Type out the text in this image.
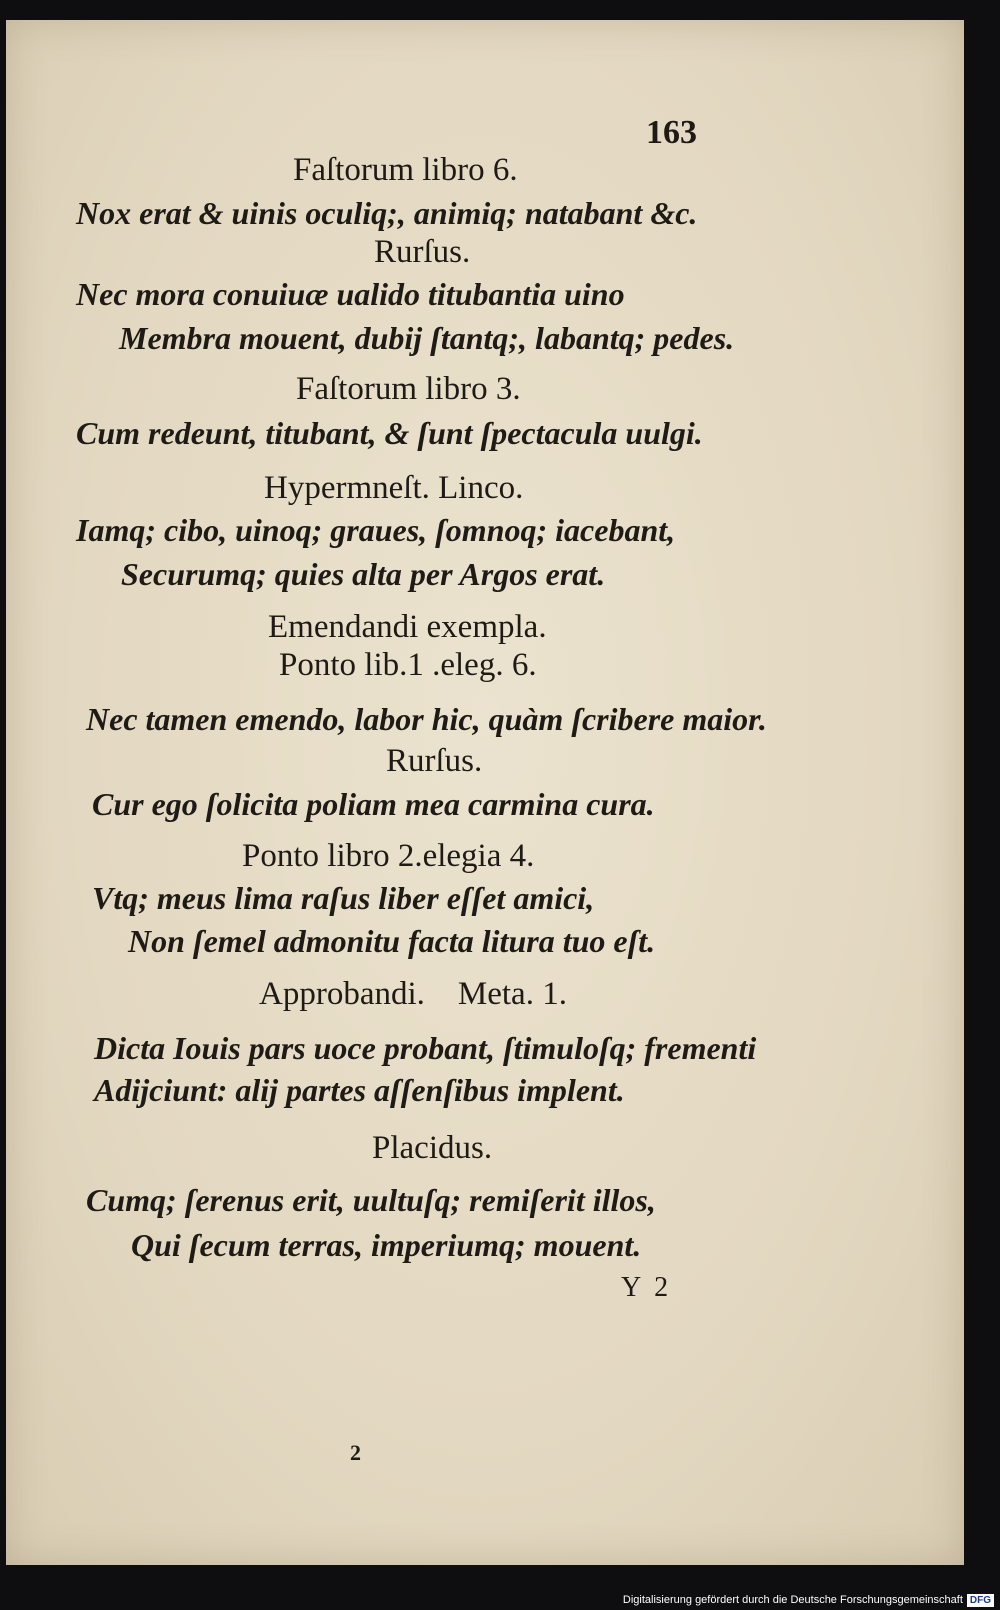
163
Faſtorum libro 6.
Nox erat & uinis oculiq;, animiq; natabant &c.
Rurſus.
Nec mora conuiuæ ualido titubantia uino
Membra mouent, dubij ſtantq;, labantq; pedes.
Faſtorum libro 3.
Cum redeunt, titubant, & ſunt ſpectacula uulgi.
Hypermneſt. Linco.
Iamq; cibo, uinoq; graues, ſomnoq; iacebant,
Securumq; quies alta per Argos erat.
Emendandi exempla.
Ponto lib.1 .eleg. 6.
Nec tamen emendo, labor hic, quàm ſcribere maior.
Rurſus.
Cur ego ſolicita poliam mea carmina cura.
Ponto libro 2.elegia 4.
Vtq; meus lima raſus liber eſſet amici,
Non ſemel admonitu facta litura tuo eſt.
Approbandi.    Meta. 1.
Dicta Iouis pars uoce probant, ſtimuloſq; frementi
Adijciunt: alij partes aſſenſibus implent.
Placidus.
Cumq; ſerenus erit, uultuſq; remiſerit illos,
Qui ſecum terras, imperiumq; mouent.
Y  2
2
Digitalisierung gefördert durch die Deutsche Forschungsgemeinschaft DFG
